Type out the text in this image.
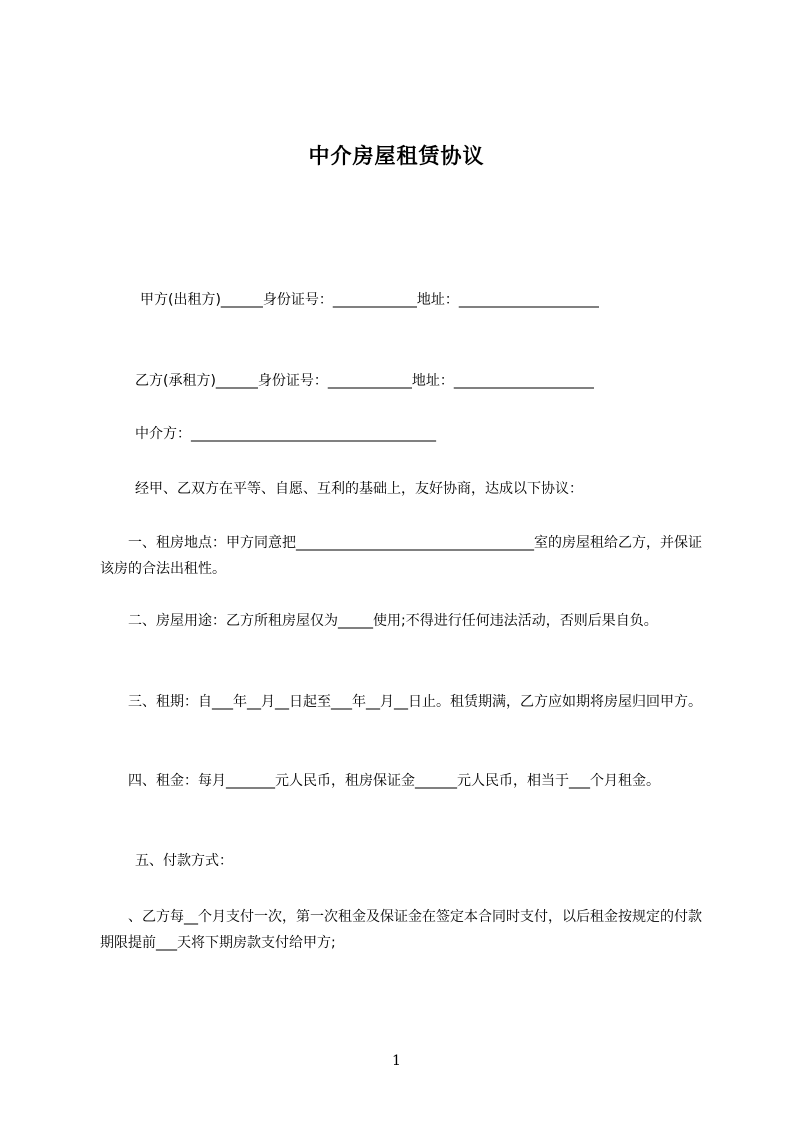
中介房屋租赁协议
甲方(出租方)______身份证号：____________地址：____________________
乙方(承租方)______身份证号：____________地址：____________________
中介方：___________________________________
经甲、乙双方在平等、自愿、互利的基础上，友好协商，达成以下协议：

一、租房地点：甲方同意把__________________________________室的房屋租给乙方，并保证该房的合法出租性。

二、房屋用途：乙方所租房屋仅为_____使用;不得进行任何违法活动，否则后果自负。

三、租期：自___年__月__日起至___年__月__日止。租赁期满，乙方应如期将房屋归回甲方。

四、租金：每月_______元人民币，租房保证金______元人民币，相当于___个月租金。

五、付款方式：

、乙方每__个月支付一次，第一次租金及保证金在签定本合同时支付，以后租金按规定的付款期限提前___天将下期房款支付给甲方;

1
